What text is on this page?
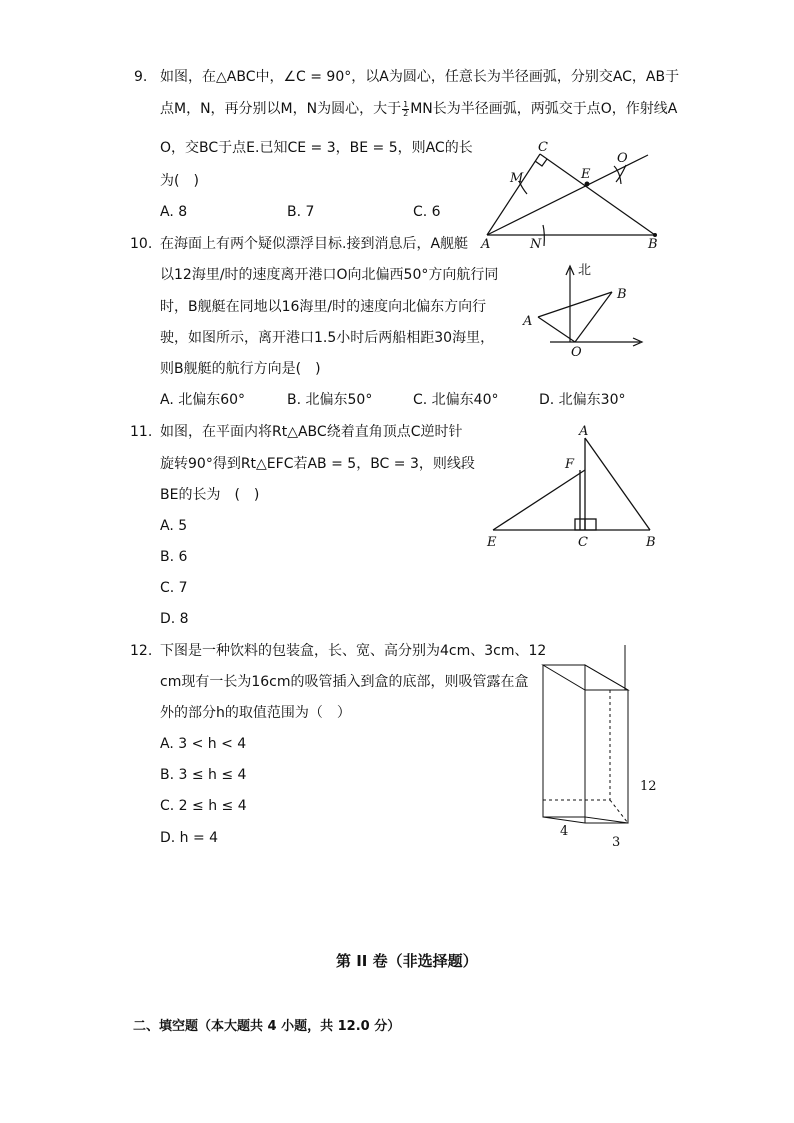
9. 如图，在△ABC中，∠C = 90°，以A为圆心，任意长为半径画弧，分别交AC，AB于
点M，N，再分别以M，N为圆心，大于 $\frac{1}{2}$ MN长为半径画弧，两弧交于点O，作射线A
O，交BC于点E.已知CE = 3，BE = 5，则AC的长
为(　)
A. 8	B. 7	C. 6
C
M	E
O
A	N	B
10. 在海面上有两个疑似漂浮目标.接到消息后，A舰艇
以12海里/时的速度离开港口O向北偏西50°方向航行同
时，B舰艇在同地以16海里/时的速度向北偏东方向行
驶，如图所示，离开港口1.5小时后两船相距30海里，
则B舰艇的航行方向是(　)
A. 北偏东60°	B. 北偏东50°	C. 北偏东40°	D. 北偏东30°
北
A
B
O
11. 如图，在平面内将Rt△ABC绕着直角顶点C逆时针
旋转90°得到Rt△EFC若AB = 5，BC = 3，则线段
BE的长为　(　)
A. 5
B. 6
C. 7
D. 8
A
F
E	C	B
12. 下图是一种饮料的包装盒，长、宽、高分别为4cm、3cm、12
cm现有一长为16cm的吸管插入到盒的底部，则吸管露在盒
外的部分h的取值范围为（　）
A. 3 < h < 4
B. 3 ≤ h ≤ 4
C. 2 ≤ h ≤ 4
D. h = 4
12
4
3
第 II 卷（非选择题）
二、填空题（本大题共 4 小题，共 12.0 分）
